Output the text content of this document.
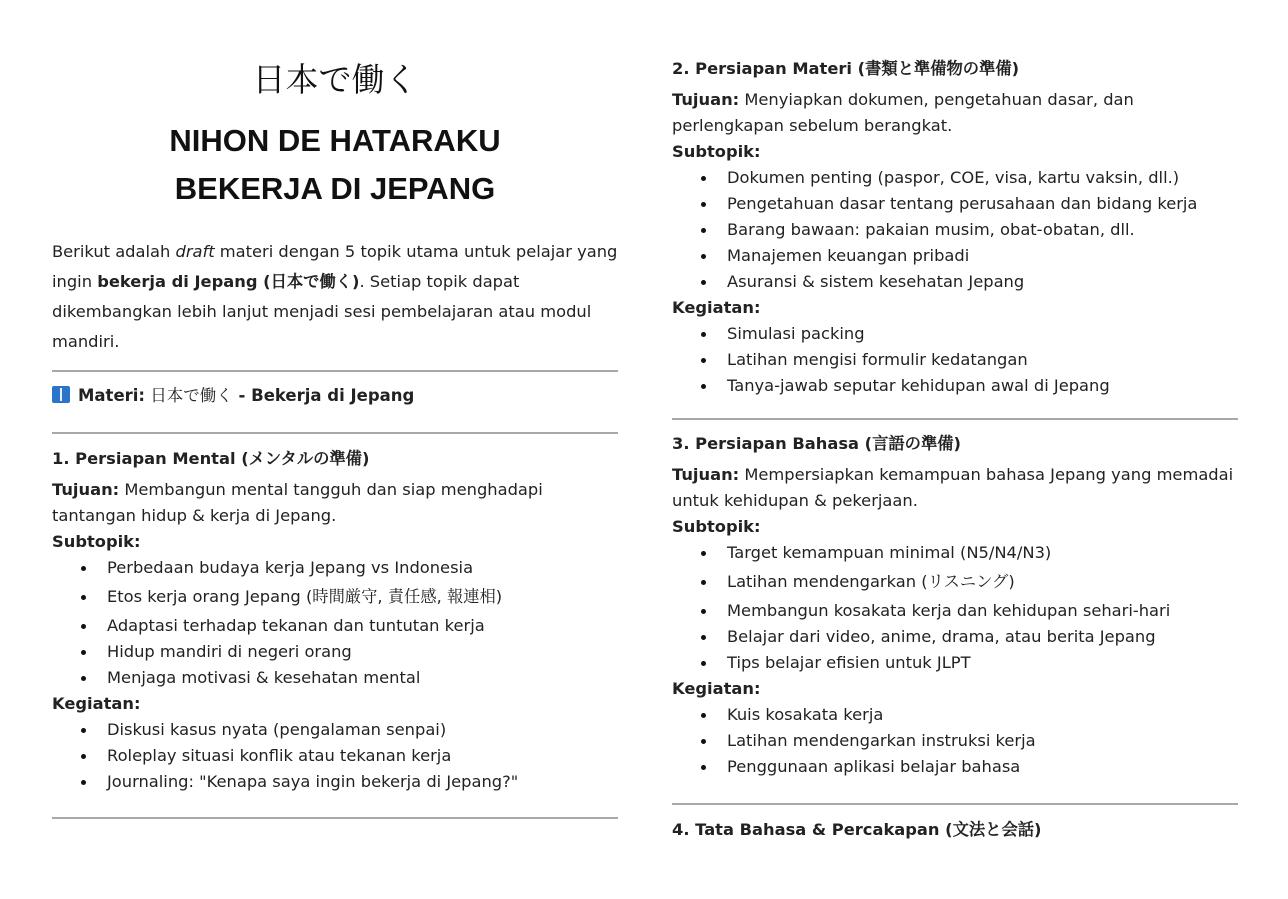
日本で働く
NIHON DE HATARAKU
BEKERJA DI JEPANG
Berikut adalah draft materi dengan 5 topik utama untuk pelajar yang ingin bekerja di Jepang (日本で働く). Setiap topik dapat dikembangkan lebih lanjut menjadi sesi pembelajaran atau modul mandiri.
Materi: 日本で働く - Bekerja di Jepang

1. Persiapan Mental (メンタルの準備)

Tujuan: Membangun mental tangguh dan siap menghadapi tantangan hidup & kerja di Jepang.

Subtopik:

Perbedaan budaya kerja Jepang vs Indonesia
Etos kerja orang Jepang (時間厳守, 責任感, 報連相)
Adaptasi terhadap tekanan dan tuntutan kerja
Hidup mandiri di negeri orang
Menjaga motivasi & kesehatan mental

Kegiatan:

Diskusi kasus nyata (pengalaman senpai)
Roleplay situasi konflik atau tekanan kerja
Journaling: "Kenapa saya ingin bekerja di Jepang?"

2. Persiapan Materi (書類と準備物の準備)

Tujuan: Menyiapkan dokumen, pengetahuan dasar, dan perlengkapan sebelum berangkat.

Subtopik:

Dokumen penting (paspor, COE, visa, kartu vaksin, dll.)
Pengetahuan dasar tentang perusahaan dan bidang kerja
Barang bawaan: pakaian musim, obat-obatan, dll.
Manajemen keuangan pribadi
Asuransi & sistem kesehatan Jepang

Kegiatan:

Simulasi packing
Latihan mengisi formulir kedatangan
Tanya-jawab seputar kehidupan awal di Jepang

3. Persiapan Bahasa (言語の準備)

Tujuan: Mempersiapkan kemampuan bahasa Jepang yang memadai untuk kehidupan & pekerjaan.

Subtopik:

Target kemampuan minimal (N5/N4/N3)
Latihan mendengarkan (リスニング)
Membangun kosakata kerja dan kehidupan sehari-hari
Belajar dari video, anime, drama, atau berita Jepang
Tips belajar efisien untuk JLPT

Kegiatan:

Kuis kosakata kerja
Latihan mendengarkan instruksi kerja
Penggunaan aplikasi belajar bahasa

4. Tata Bahasa & Percakapan (文法と会話)
